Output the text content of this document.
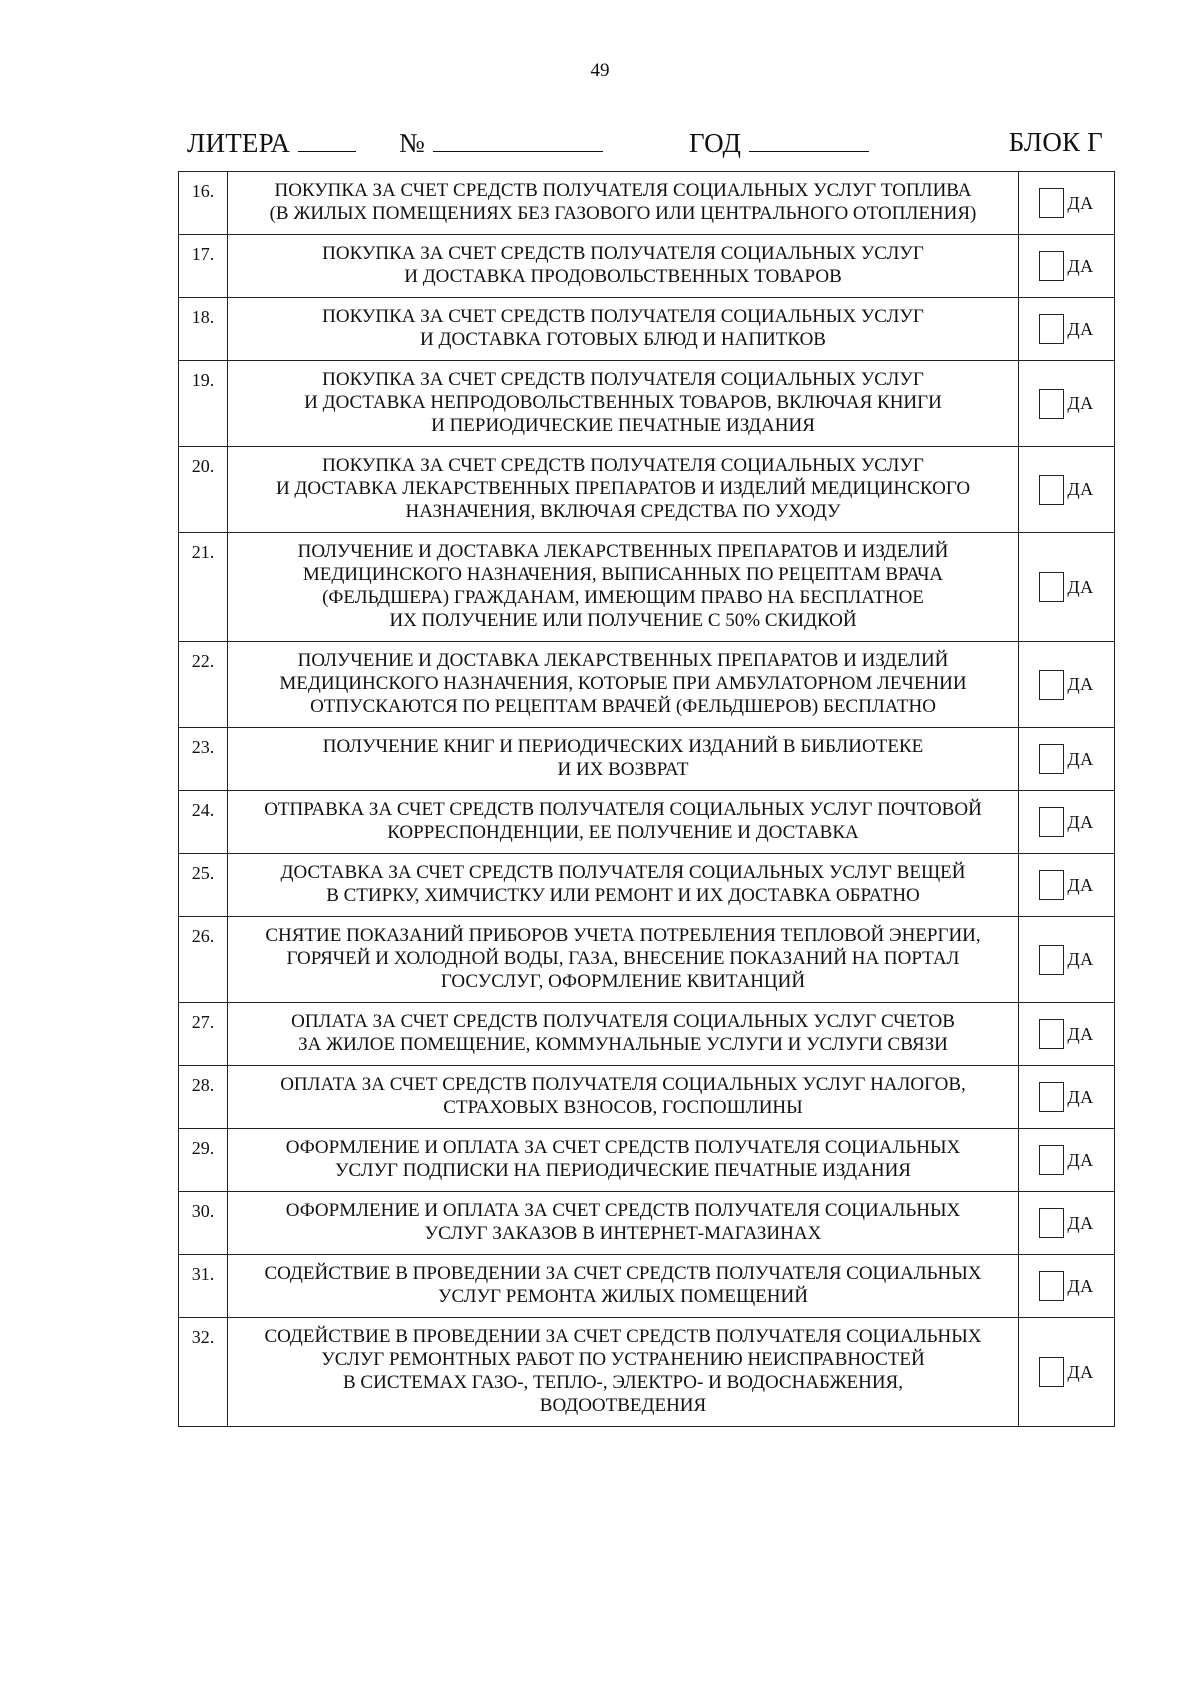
49
ЛИТЕРА	№	ГОД	БЛОК Г
16.	ПОКУПКА ЗА СЧЕТ СРЕДСТВ ПОЛУЧАТЕЛЯ СОЦИАЛЬНЫХ УСЛУГ ТОПЛИВА
(В ЖИЛЫХ ПОМЕЩЕНИЯХ БЕЗ ГАЗОВОГО ИЛИ ЦЕНТРАЛЬНОГО ОТОПЛЕНИЯ)	ДА

17.	ПОКУПКА ЗА СЧЕТ СРЕДСТВ ПОЛУЧАТЕЛЯ СОЦИАЛЬНЫХ УСЛУГ
И ДОСТАВКА ПРОДОВОЛЬСТВЕННЫХ ТОВАРОВ	ДА

18.	ПОКУПКА ЗА СЧЕТ СРЕДСТВ ПОЛУЧАТЕЛЯ СОЦИАЛЬНЫХ УСЛУГ
И ДОСТАВКА ГОТОВЫХ БЛЮД И НАПИТКОВ	ДА

19.	ПОКУПКА ЗА СЧЕТ СРЕДСТВ ПОЛУЧАТЕЛЯ СОЦИАЛЬНЫХ УСЛУГ
И ДОСТАВКА НЕПРОДОВОЛЬСТВЕННЫХ ТОВАРОВ, ВКЛЮЧАЯ КНИГИ
И ПЕРИОДИЧЕСКИЕ ПЕЧАТНЫЕ ИЗДАНИЯ	ДА

20.	ПОКУПКА ЗА СЧЕТ СРЕДСТВ ПОЛУЧАТЕЛЯ СОЦИАЛЬНЫХ УСЛУГ
И ДОСТАВКА ЛЕКАРСТВЕННЫХ ПРЕПАРАТОВ И ИЗДЕЛИЙ МЕДИЦИНСКОГО
НАЗНАЧЕНИЯ, ВКЛЮЧАЯ СРЕДСТВА ПО УХОДУ	ДА

21.	ПОЛУЧЕНИЕ И ДОСТАВКА ЛЕКАРСТВЕННЫХ ПРЕПАРАТОВ И ИЗДЕЛИЙ
МЕДИЦИНСКОГО НАЗНАЧЕНИЯ, ВЫПИСАННЫХ ПО РЕЦЕПТАМ ВРАЧА
(ФЕЛЬДШЕРА) ГРАЖДАНАМ, ИМЕЮЩИМ ПРАВО НА БЕСПЛАТНОЕ
ИХ ПОЛУЧЕНИЕ ИЛИ ПОЛУЧЕНИЕ С 50% СКИДКОЙ	ДА

22.	ПОЛУЧЕНИЕ И ДОСТАВКА ЛЕКАРСТВЕННЫХ ПРЕПАРАТОВ И ИЗДЕЛИЙ
МЕДИЦИНСКОГО НАЗНАЧЕНИЯ, КОТОРЫЕ ПРИ АМБУЛАТОРНОМ ЛЕЧЕНИИ
ОТПУСКАЮТСЯ ПО РЕЦЕПТАМ ВРАЧЕЙ (ФЕЛЬДШЕРОВ) БЕСПЛАТНО	ДА

23.	ПОЛУЧЕНИЕ КНИГ И ПЕРИОДИЧЕСКИХ ИЗДАНИЙ В БИБЛИОТЕКЕ
И ИХ ВОЗВРАТ	ДА

24.	ОТПРАВКА ЗА СЧЕТ СРЕДСТВ ПОЛУЧАТЕЛЯ СОЦИАЛЬНЫХ УСЛУГ ПОЧТОВОЙ
КОРРЕСПОНДЕНЦИИ, ЕЕ ПОЛУЧЕНИЕ И ДОСТАВКА	ДА

25.	ДОСТАВКА ЗА СЧЕТ СРЕДСТВ ПОЛУЧАТЕЛЯ СОЦИАЛЬНЫХ УСЛУГ ВЕЩЕЙ
В СТИРКУ, ХИМЧИСТКУ ИЛИ РЕМОНТ И ИХ ДОСТАВКА ОБРАТНО	ДА

26.	СНЯТИЕ ПОКАЗАНИЙ ПРИБОРОВ УЧЕТА ПОТРЕБЛЕНИЯ ТЕПЛОВОЙ ЭНЕРГИИ,
ГОРЯЧЕЙ И ХОЛОДНОЙ ВОДЫ, ГАЗА, ВНЕСЕНИЕ ПОКАЗАНИЙ НА ПОРТАЛ
ГОСУСЛУГ, ОФОРМЛЕНИЕ КВИТАНЦИЙ	ДА

27.	ОПЛАТА ЗА СЧЕТ СРЕДСТВ ПОЛУЧАТЕЛЯ СОЦИАЛЬНЫХ УСЛУГ СЧЕТОВ
ЗА ЖИЛОЕ ПОМЕЩЕНИЕ, КОММУНАЛЬНЫЕ УСЛУГИ И УСЛУГИ СВЯЗИ	ДА

28.	ОПЛАТА ЗА СЧЕТ СРЕДСТВ ПОЛУЧАТЕЛЯ СОЦИАЛЬНЫХ УСЛУГ НАЛОГОВ,
СТРАХОВЫХ ВЗНОСОВ, ГОСПОШЛИНЫ	ДА

29.	ОФОРМЛЕНИЕ И ОПЛАТА ЗА СЧЕТ СРЕДСТВ ПОЛУЧАТЕЛЯ СОЦИАЛЬНЫХ
УСЛУГ ПОДПИСКИ НА ПЕРИОДИЧЕСКИЕ ПЕЧАТНЫЕ ИЗДАНИЯ	ДА

30.	ОФОРМЛЕНИЕ И ОПЛАТА ЗА СЧЕТ СРЕДСТВ ПОЛУЧАТЕЛЯ СОЦИАЛЬНЫХ
УСЛУГ ЗАКАЗОВ В ИНТЕРНЕТ-МАГАЗИНАХ	ДА

31.	СОДЕЙСТВИЕ В ПРОВЕДЕНИИ ЗА СЧЕТ СРЕДСТВ ПОЛУЧАТЕЛЯ СОЦИАЛЬНЫХ
УСЛУГ РЕМОНТА ЖИЛЫХ ПОМЕЩЕНИЙ	ДА

32.	СОДЕЙСТВИЕ В ПРОВЕДЕНИИ ЗА СЧЕТ СРЕДСТВ ПОЛУЧАТЕЛЯ СОЦИАЛЬНЫХ
УСЛУГ РЕМОНТНЫХ РАБОТ ПО УСТРАНЕНИЮ НЕИСПРАВНОСТЕЙ
В СИСТЕМАХ ГАЗО-, ТЕПЛО-, ЭЛЕКТРО- И ВОДОСНАБЖЕНИЯ,
ВОДООТВЕДЕНИЯ	ДА
